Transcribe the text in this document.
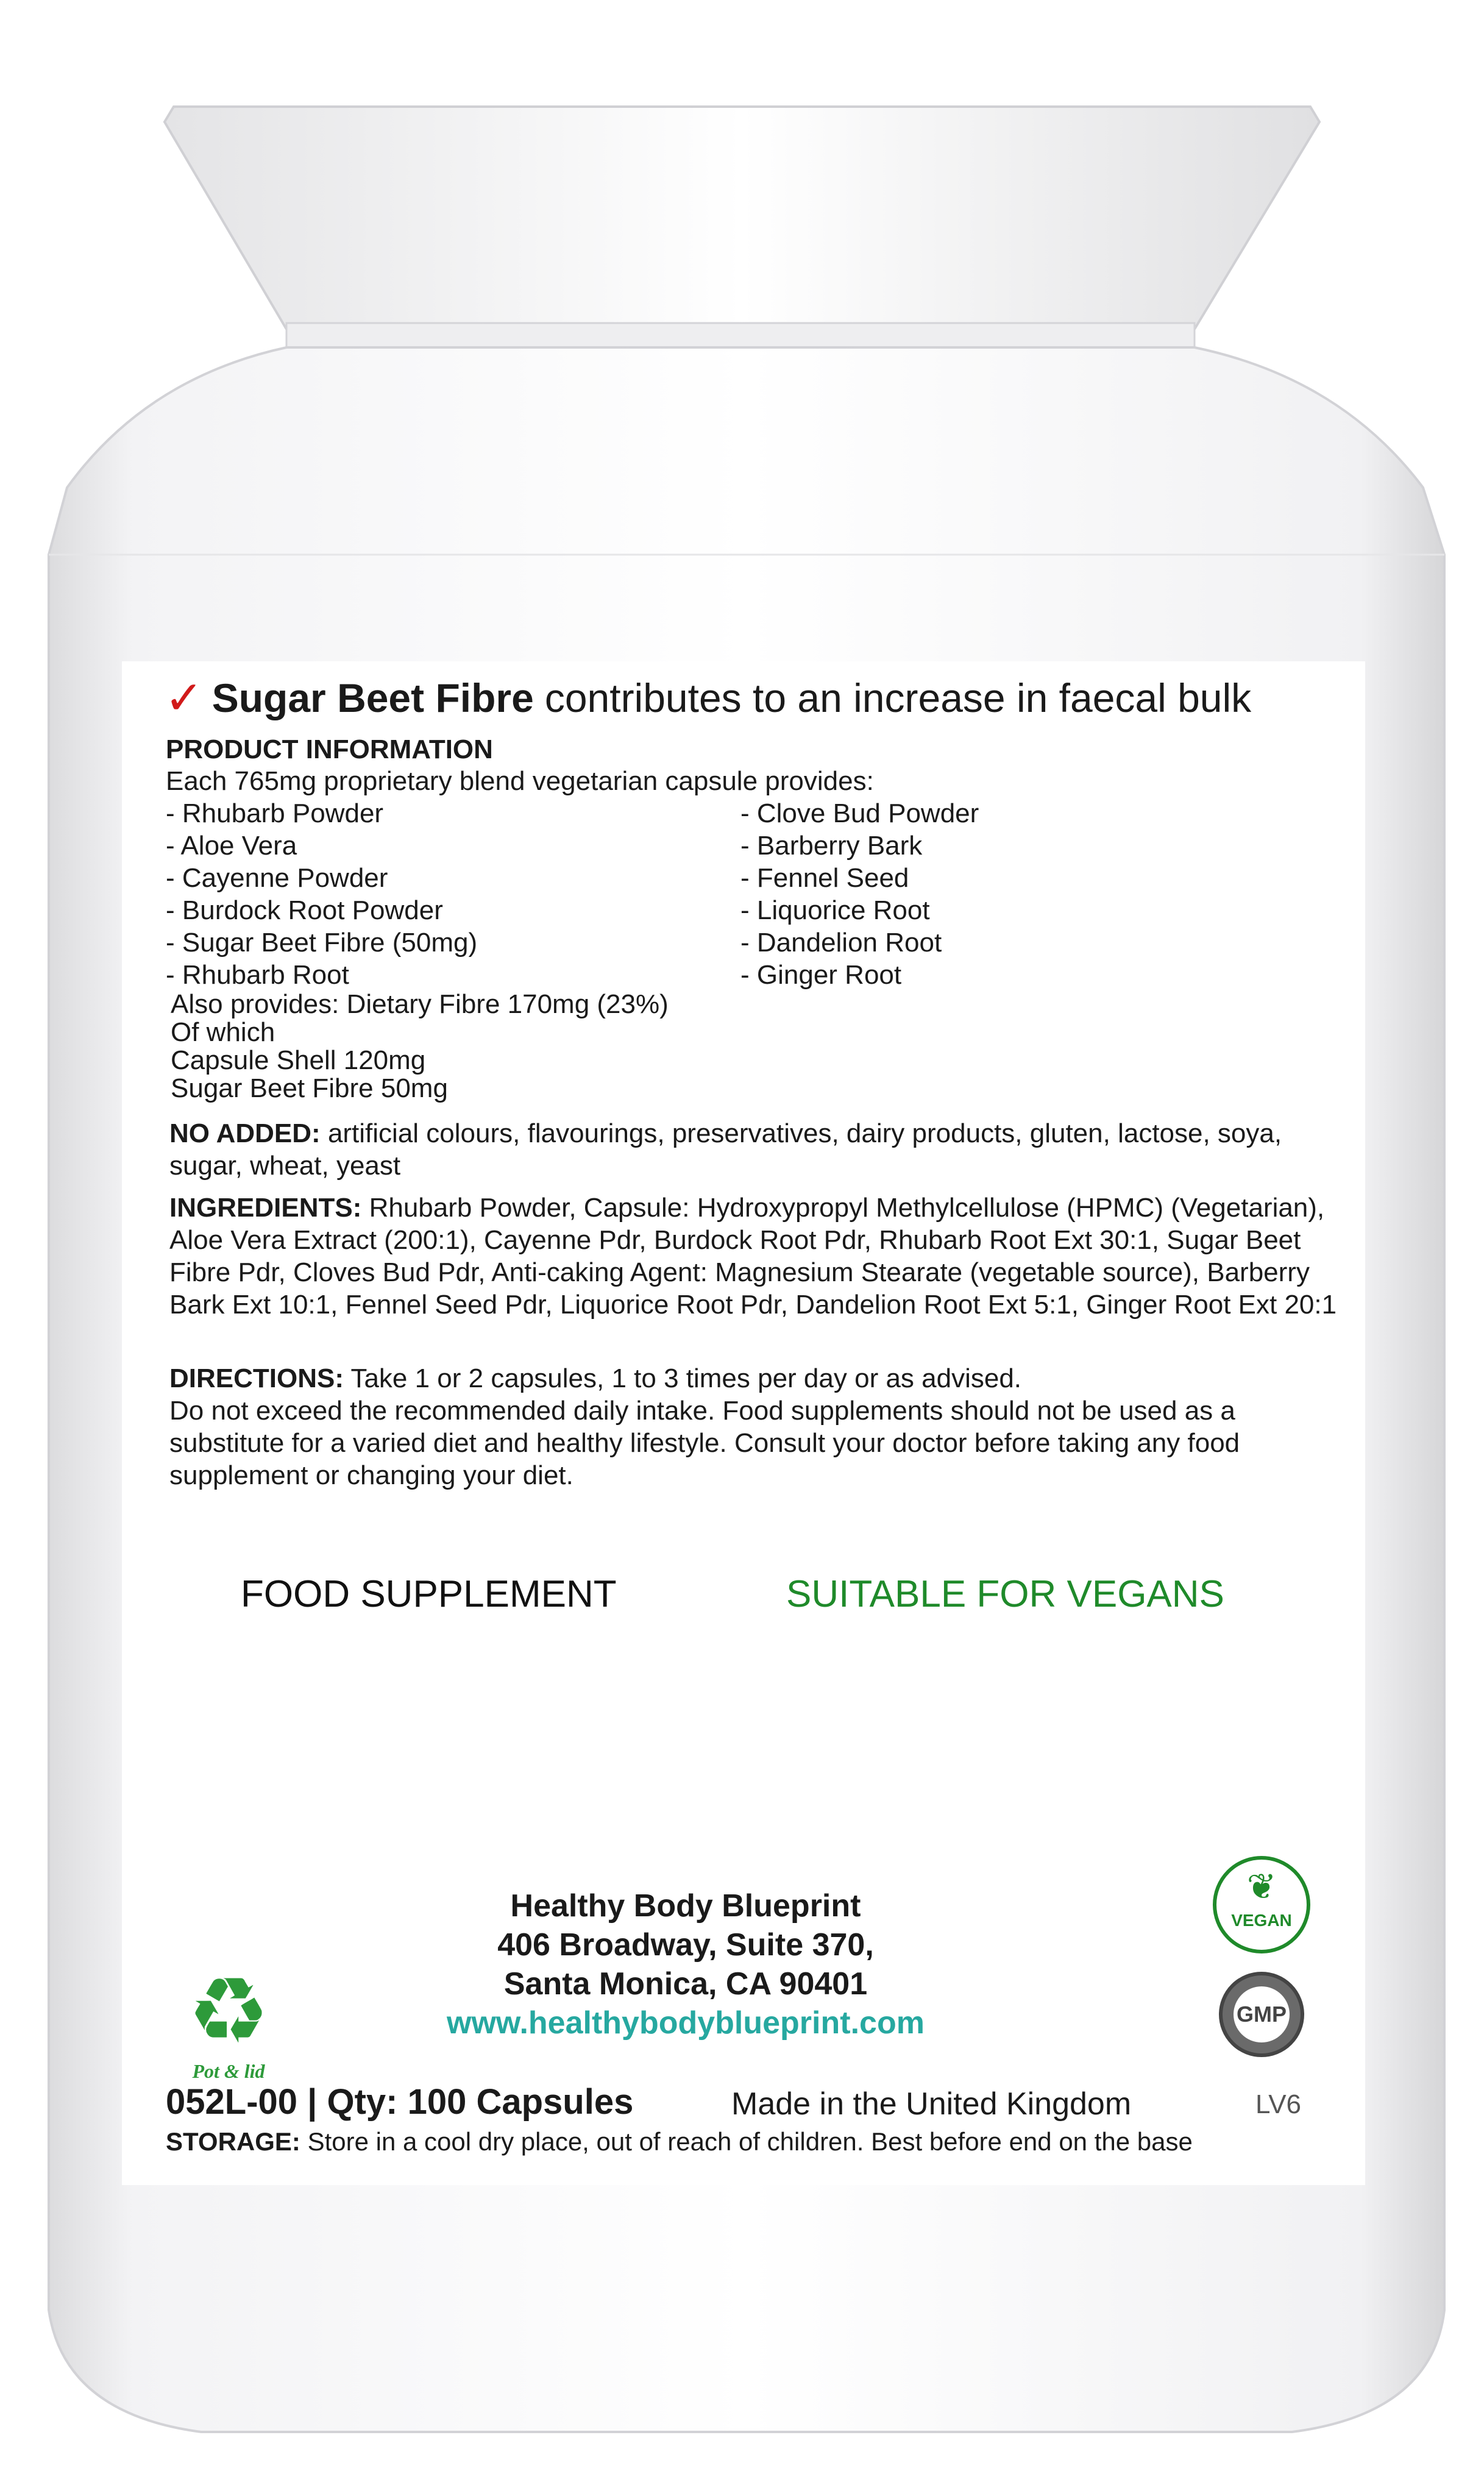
✓ Sugar Beet Fibre contributes to an increase in faecal bulk
PRODUCT INFORMATION
Each 765mg proprietary blend vegetarian capsule provides:
- Rhubarb Powder
- Aloe Vera
- Cayenne Powder
- Burdock Root Powder
- Sugar Beet Fibre (50mg)
- Rhubarb Root
- Clove Bud Powder
- Barberry Bark
- Fennel Seed
- Liquorice Root
- Dandelion Root
- Ginger Root
Also provides: Dietary Fibre 170mg (23%)
Of which
Capsule Shell 120mg
Sugar Beet Fibre 50mg
NO ADDED: artificial colours, flavourings, preservatives, dairy products, gluten, lactose, soya, sugar, wheat, yeast
INGREDIENTS: Rhubarb Powder, Capsule: Hydroxypropyl Methylcellulose (HPMC) (Vegetarian), Aloe Vera Extract (200:1), Cayenne Pdr, Burdock Root Pdr, Rhubarb Root Ext 30:1, Sugar Beet Fibre Pdr, Cloves Bud Pdr, Anti-caking Agent: Magnesium Stearate (vegetable source), Barberry Bark Ext 10:1, Fennel Seed Pdr, Liquorice Root Pdr, Dandelion Root Ext 5:1, Ginger Root Ext 20:1
DIRECTIONS: Take 1 or 2 capsules, 1 to 3 times per day or as advised.
Do not exceed the recommended daily intake. Food supplements should not be used as a substitute for a varied diet and healthy lifestyle. Consult your doctor before taking any food supplement or changing your diet.
FOOD SUPPLEMENT	SUITABLE FOR VEGANS
Healthy Body Blueprint
406 Broadway, Suite 370,
Santa Monica, CA 90401
www.healthybodyblueprint.com
♻
Pot & lid
❦
VEGAN
GMP
052L-00 | Qty: 100 Capsules	Made in the United Kingdom	LV6
STORAGE: Store in a cool dry place, out of reach of children. Best before end on the base
